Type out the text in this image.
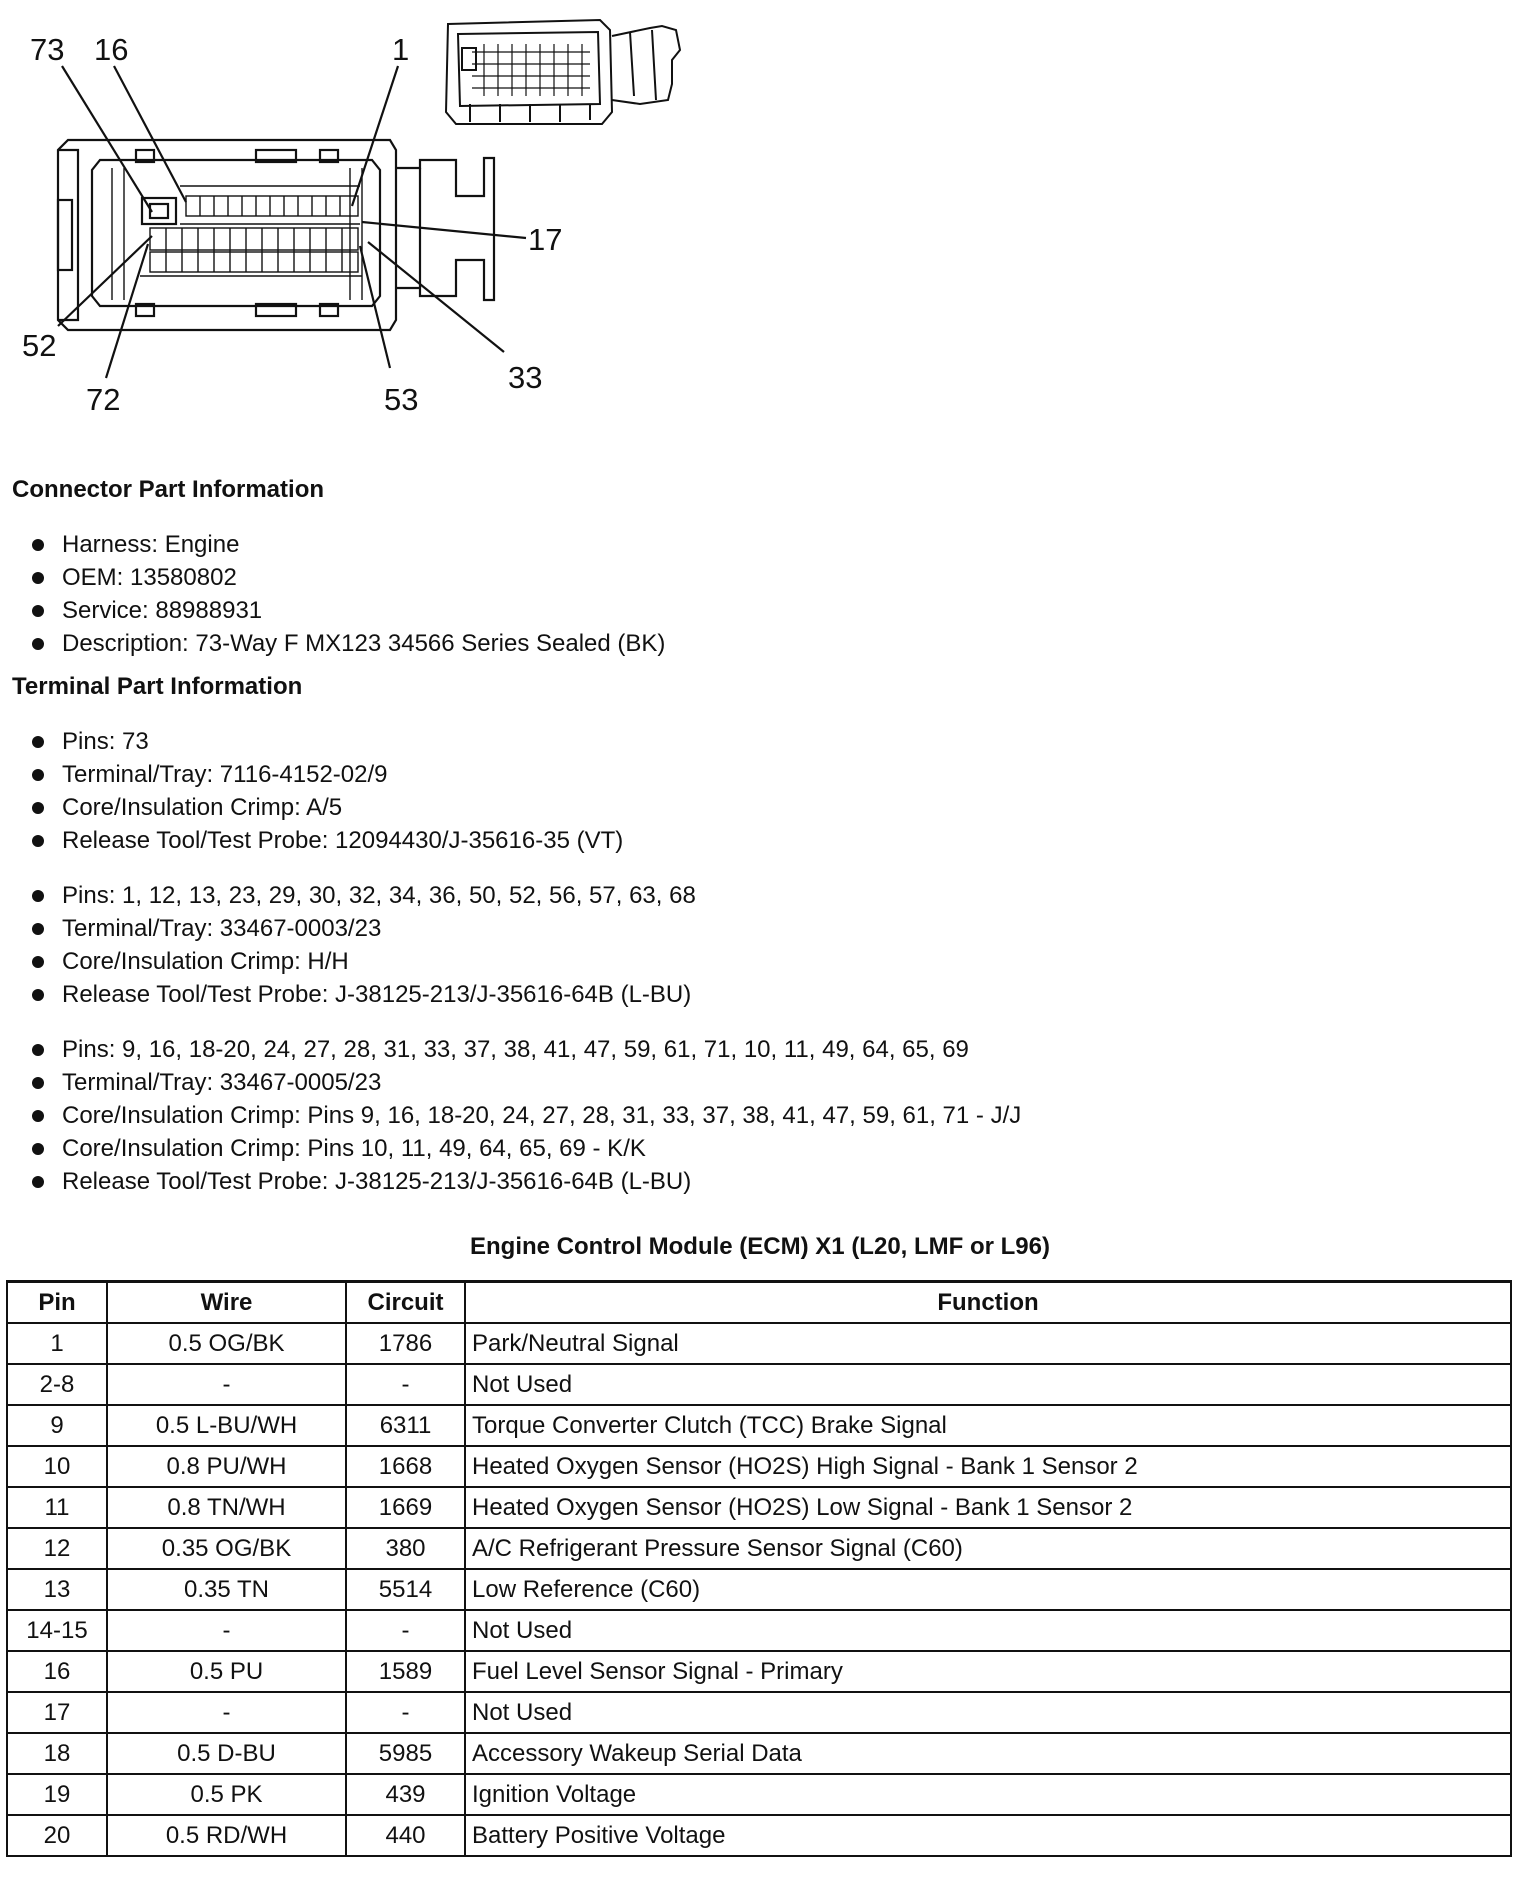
73 16	1
17
52
72	53
33
Connector Part Information
Harness: Engine
OEM: 13580802
Service: 88988931
Description: 73-Way F MX123 34566 Series Sealed (BK)
Terminal Part Information
Pins: 73
Terminal/Tray: 7116-4152-02/9
Core/Insulation Crimp: A/5
Release Tool/Test Probe: 12094430/J-35616-35 (VT)
Pins: 1, 12, 13, 23, 29, 30, 32, 34, 36, 50, 52, 56, 57, 63, 68
Terminal/Tray: 33467-0003/23
Core/Insulation Crimp: H/H
Release Tool/Test Probe: J-38125-213/J-35616-64B (L-BU)
Pins: 9, 16, 18-20, 24, 27, 28, 31, 33, 37, 38, 41, 47, 59, 61, 71, 10, 11, 49, 64, 65, 69
Terminal/Tray: 33467-0005/23
Core/Insulation Crimp: Pins 9, 16, 18-20, 24, 27, 28, 31, 33, 37, 38, 41, 47, 59, 61, 71 - J/J
Core/Insulation Crimp: Pins 10, 11, 49, 64, 65, 69 - K/K
Release Tool/Test Probe: J-38125-213/J-35616-64B (L-BU)
Engine Control Module (ECM) X1 (L20, LMF or L96)
Pin	Wire	Circuit	Function
1	0.5 OG/BK	1786	Park/Neutral Signal
2-8	-	-	Not Used
9	0.5 L-BU/WH	6311	Torque Converter Clutch (TCC) Brake Signal
10	0.8 PU/WH	1668	Heated Oxygen Sensor (HO2S) High Signal - Bank 1 Sensor 2
11	0.8 TN/WH	1669	Heated Oxygen Sensor (HO2S) Low Signal - Bank 1 Sensor 2
12	0.35 OG/BK	380	A/C Refrigerant Pressure Sensor Signal (C60)
13	0.35 TN	5514	Low Reference (C60)
14-15	-	-	Not Used
16	0.5 PU	1589	Fuel Level Sensor Signal - Primary
17	-	-	Not Used
18	0.5 D-BU	5985	Accessory Wakeup Serial Data
19	0.5 PK	439	Ignition Voltage
20	0.5 RD/WH	440	Battery Positive Voltage
